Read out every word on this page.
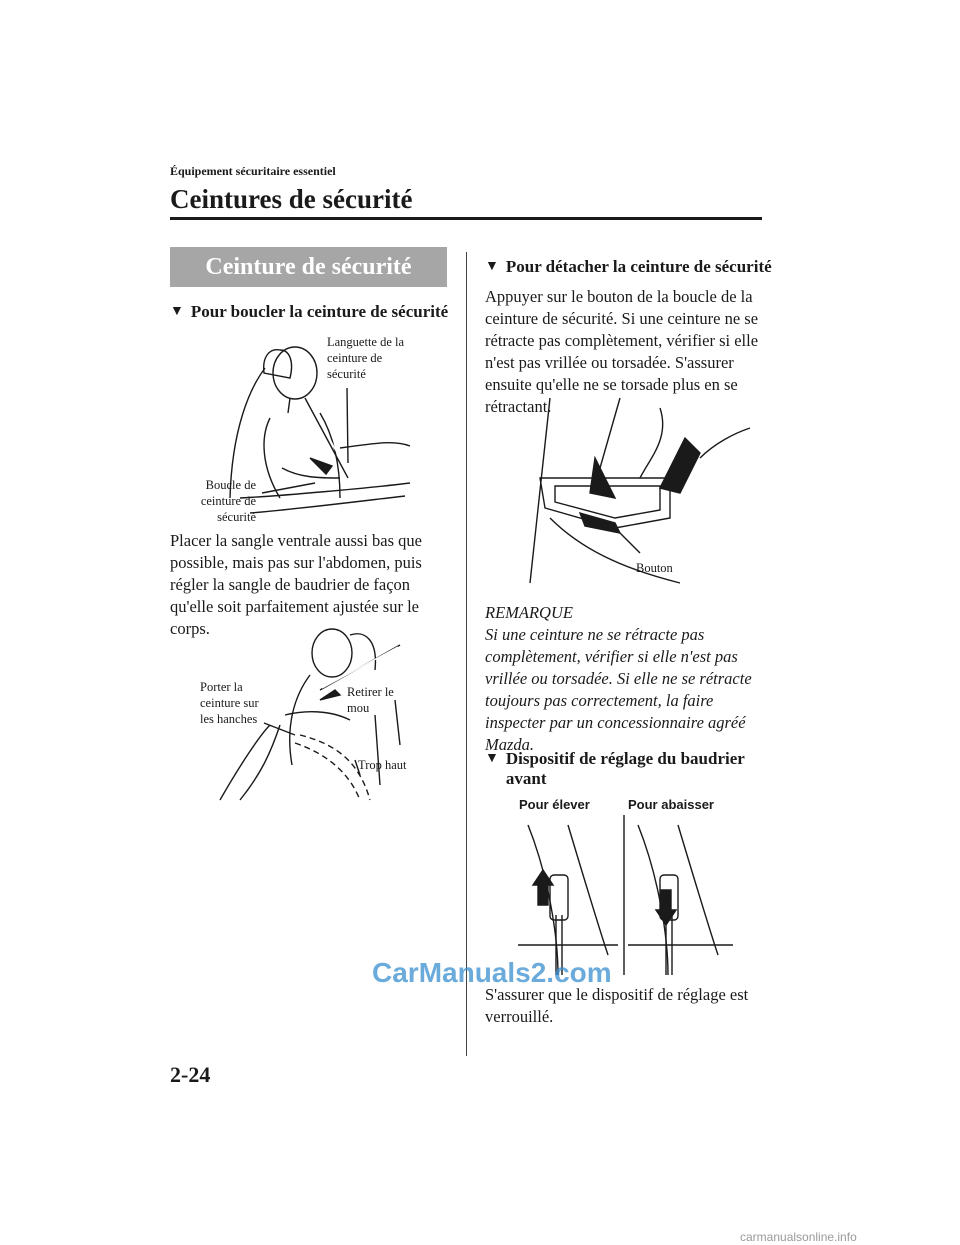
Équipement sécuritaire essentiel
Ceintures de sécurité
Ceinture de sécurité
▼ Pour boucler la ceinture de sécurité
Languette de la
ceinture de
sécurité
Boucle de
ceinture de
sécurité
Placer la sangle ventrale aussi bas que
possible, mais pas sur l'abdomen, puis
régler la sangle de baudrier de façon
qu'elle soit parfaitement ajustée sur le
corps.
Porter la
ceinture sur
les hanches
Retirer le
mou
Trop haut
▼ Pour détacher la ceinture de sécurité
Appuyer sur le bouton de la boucle de la
ceinture de sécurité. Si une ceinture ne se
rétracte pas complètement, vérifier si elle
n'est pas vrillée ou torsadée. S'assurer
ensuite qu'elle ne se torsade plus en se
rétractant.
Bouton
REMARQUE
Si une ceinture ne se rétracte pas
complètement, vérifier si elle n'est pas
vrillée ou torsadée. Si elle ne se rétracte
toujours pas correctement, la faire
inspecter par un concessionnaire agréé
Mazda.
▼ Dispositif de réglage du baudrier
avant
Pour élever	Pour abaisser
S'assurer que le dispositif de réglage est
verrouillé.
CarManuals2.com
2-24
carmanualsonline.info
